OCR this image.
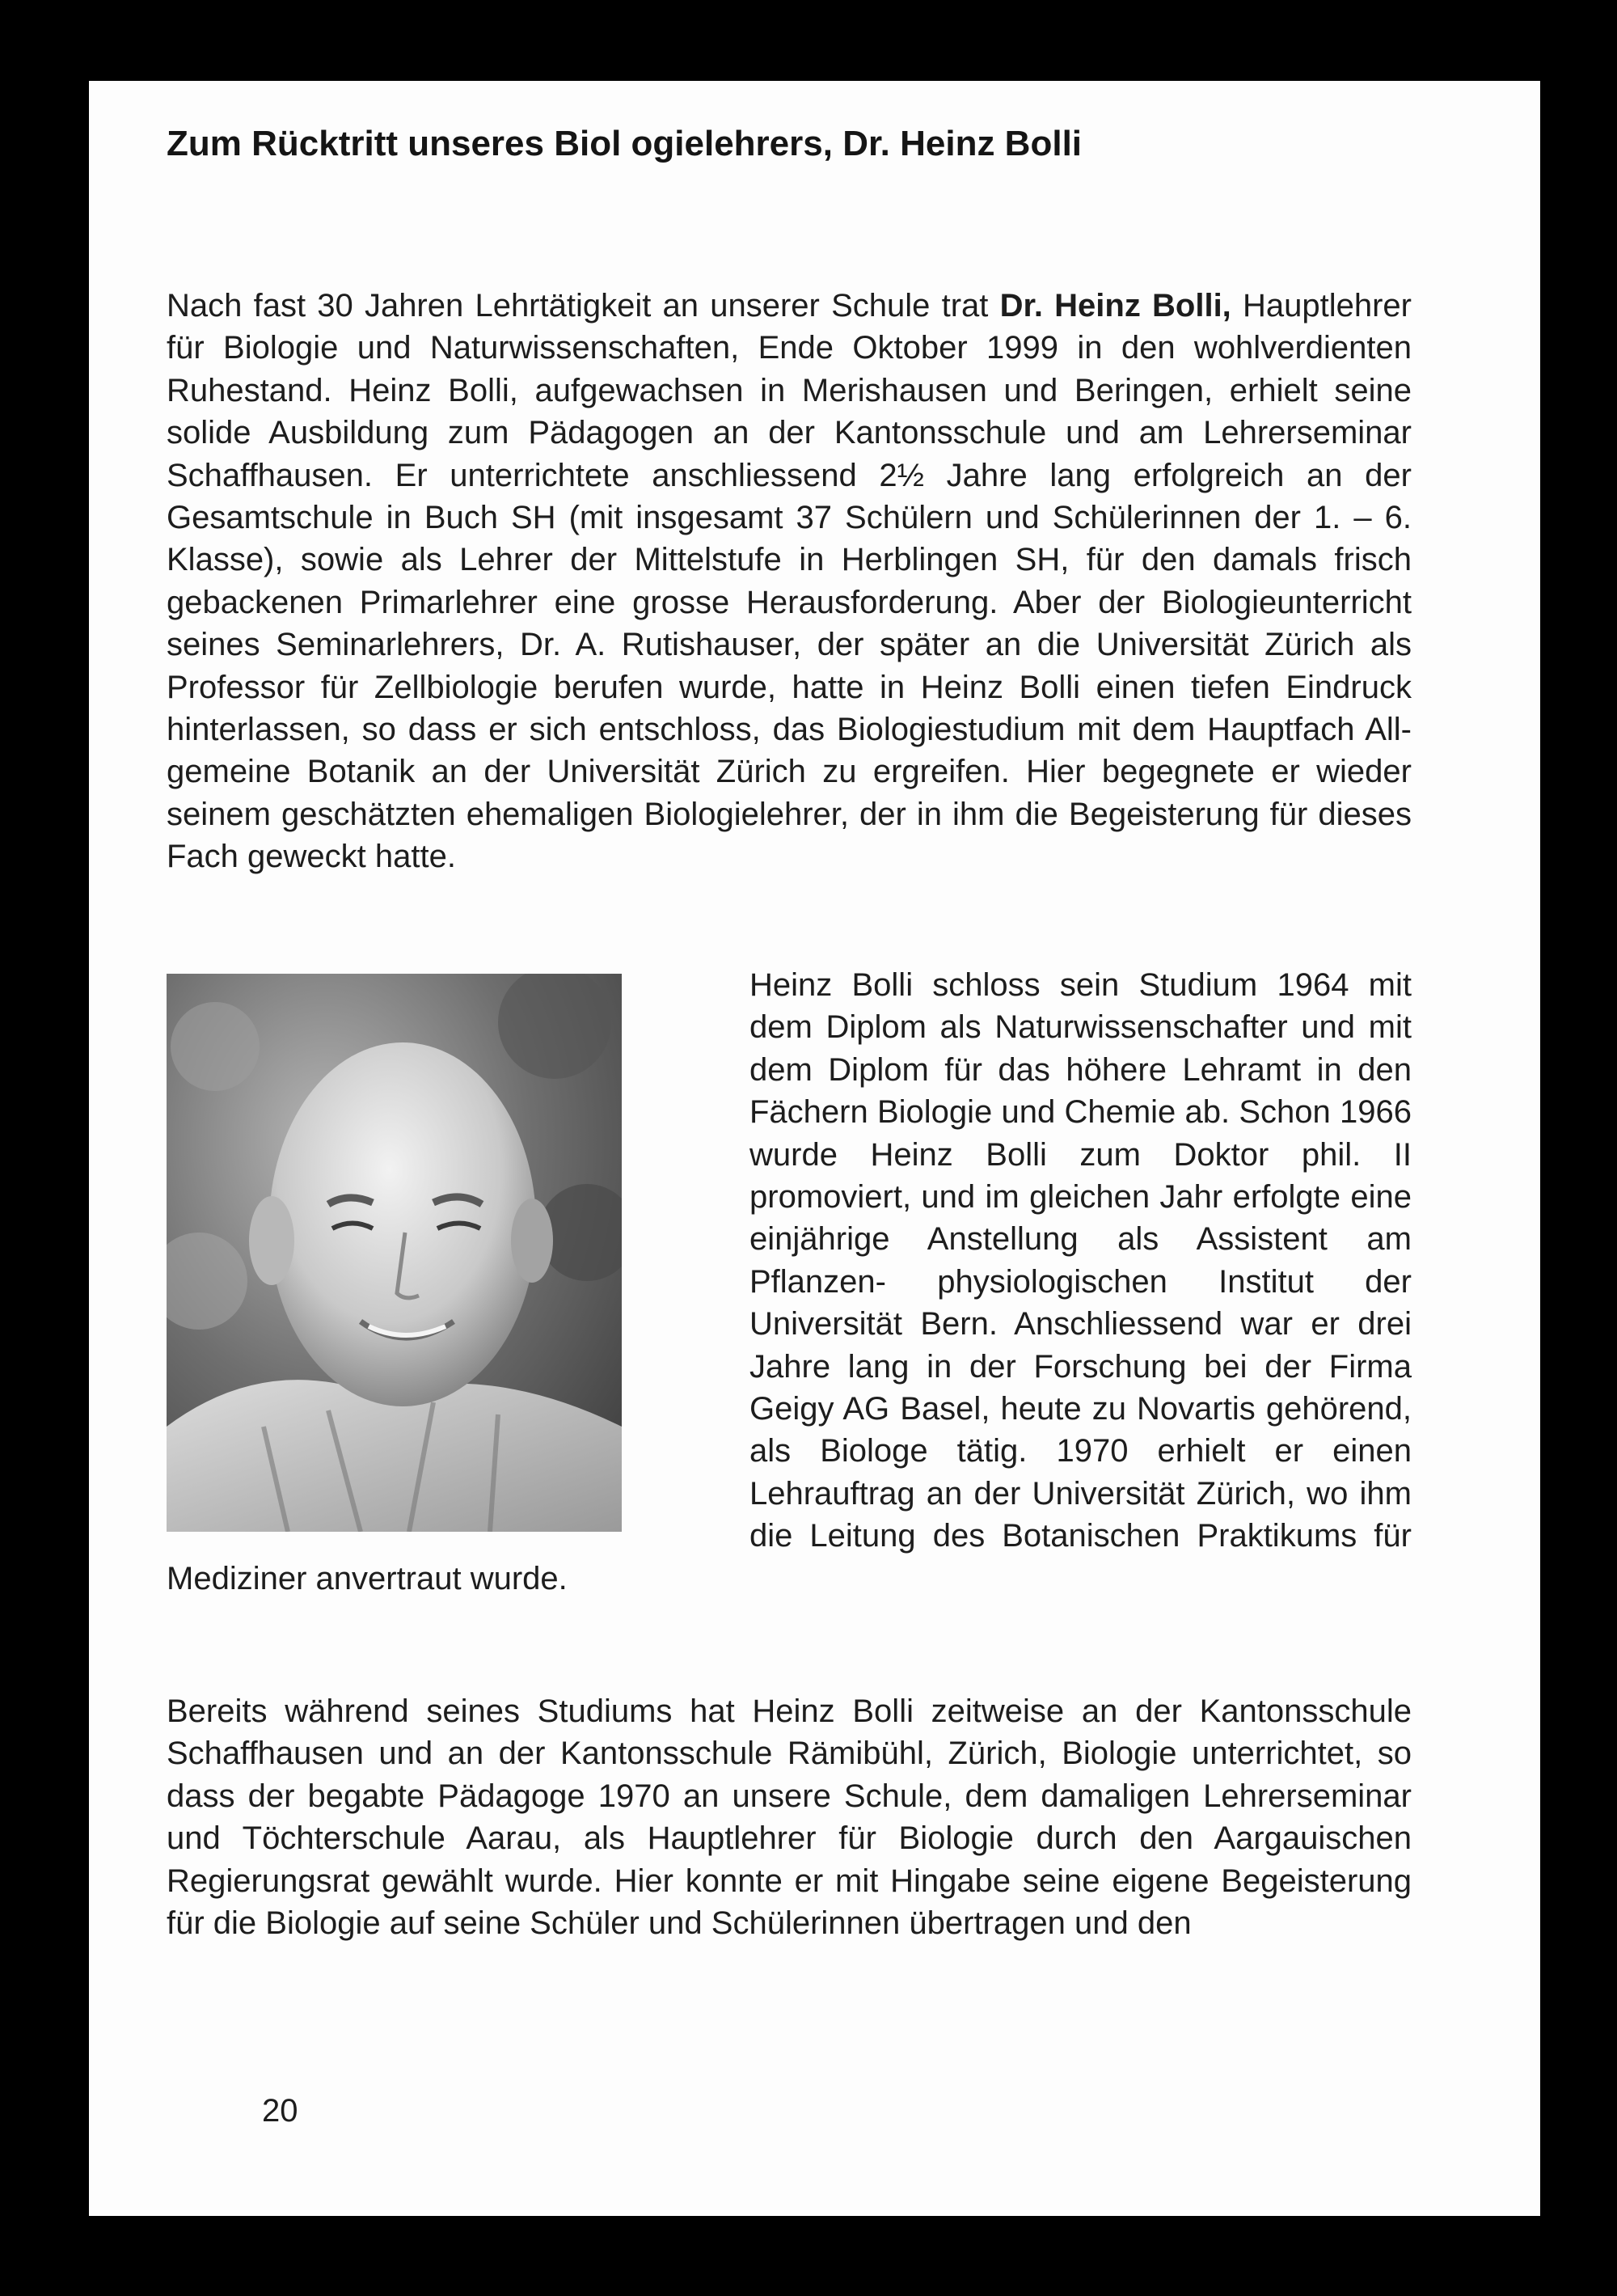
Zum Rücktritt unseres Biol ogielehrers, Dr. Heinz Bolli

Nach fast 30 Jahren Lehrtätigkeit an unserer Schule trat Dr. Heinz Bolli, Hauptlehrer für Biologie und Naturwissenschaften, Ende Oktober 1999 in den wohlverdienten Ruhestand. Heinz Bolli, aufgewachsen in Merishausen und Beringen, erhielt seine solide Ausbildung zum Pädagogen an der Kantonsschule und am Lehrerseminar Schaffhausen. Er unterrichtete anschliessend 2½ Jahre lang erfolgreich an der Gesamtschule in Buch SH (mit insgesamt 37 Schülern und Schülerinnen der 1. – 6. Klasse), sowie als Lehrer der Mittelstufe in Herblingen SH, für den damals frisch gebackenen Primarlehrer eine grosse Herausforderung. Aber der Biologieunterricht seines Seminarlehrers, Dr. A. Rutishauser, der später an die Universität Zürich als Professor für Zellbiologie berufen wurde, hatte in Heinz Bolli einen tiefen Eindruck hinterlassen, so dass er sich entschloss, das Biologiestudium mit dem Hauptfach Allgemeine Botanik an der Universität Zürich zu ergreifen. Hier begegnete er wieder seinem geschätzten ehemaligen Biologielehrer, der in ihm die Begeisterung für dieses Fach geweckt hatte.

Heinz Bolli schloss sein Studium 1964 mit dem Diplom als Naturwissenschafter und mit dem Diplom für das höhere Lehramt in den Fächern Biologie und Chemie ab. Schon 1966 wurde Heinz Bolli zum Doktor phil. II promoviert, und im gleichen Jahr erfolgte eine einjährige Anstellung als Assistent am Pflanzen- physiologischen Institut der Universität Bern. Anschliessend war er drei Jahre lang in der Forschung bei der Firma Geigy AG Basel, heute zu Novartis gehörend, als Biologe tätig. 1970 erhielt er einen Lehrauftrag an der Universität Zürich, wo ihm die Leitung des Botanischen Praktikums für Mediziner anvertraut wurde.

Bereits während seines Studiums hat Heinz Bolli zeitweise an der Kantonsschule Schaffhausen und an der Kantonsschule Rämibühl, Zürich, Biologie unterrichtet, so dass der begabte Pädagoge 1970 an unsere Schule, dem damaligen Lehrerseminar und Töchterschule Aarau, als Hauptlehrer für Biologie durch den Aargauischen Regierungsrat gewählt wurde. Hier konnte er mit Hingabe seine eigene Begeisterung für die Biologie auf seine Schüler und Schülerinnen übertragen und den

20
